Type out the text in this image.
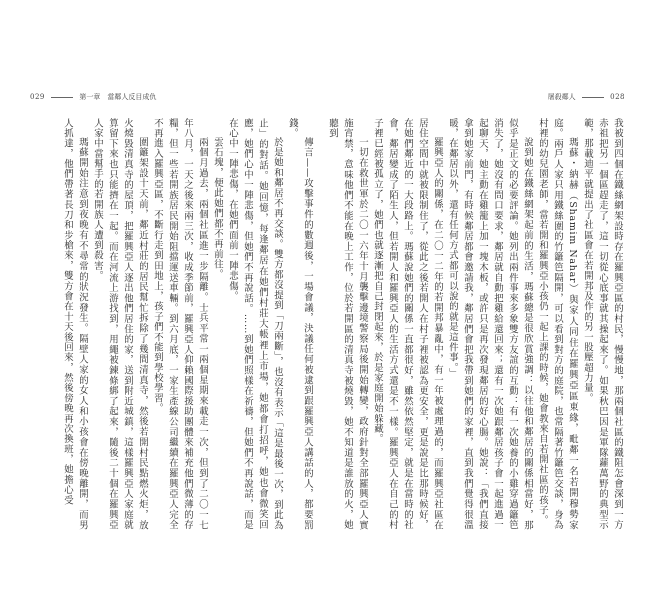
029	第一章　當鄰人反目成仇

傳言——攻擊事件的數週後，一場會議，決議任何被逮到跟羅興亞人講話的人，都要罰錢。

於是她和鄰居不再交談。雙方都沒提到「刀兩斷」，也沒有表示「這是最後一次，到此為止」的對話。她回憶，每逢鄰居在她們村莊大帳裡上市場，她都會打招呼，她也會微笑回應，她們心中一陣悲傷，但她們不再說話。……到她們照樣在祈禱，但她們不再說話，而是在心中一陣悲傷，在她們面前一陣悲傷。

雲石塊，便此她們都不再前往。

兩個月過去，兩個社區進一步隔離。士兵平常一兩個星期來載走一次，但到了二〇一七年八月，一天之後來兩三次，收成季節前，羅興亞人仰賴國際援助團體來補充他們微薄的存糧，但一些若開族居民開始阻擋運送車輛。到六月底，一家生產線公司繼續在羅興亞人完全不再進入羅興亞區，不斷行走到田地上，孩子們不能到學校學習。

圍籬架設十天前，鄰近村莊的居民幫忙拆除了幾間清真寺，然後若開村民點燃火炬，放火燒毀清真寺的屋頂，把羅興亞人逐出他們居住的家，送到附近城鎮，這樣羅興亞人家庭就算留下來也只能擠在一起。而在河流上游找到，用繩被鍊條綁了起來，隨後二十個在羅興亞人家中當幫手的若開族人遭到殺害。

瑪蘇開始注意到夜晚有不尋常的狀況發生。隔壁人家的女人和小孩會在傍晚離開，而男人抓達，他們帶著長刀和步槍來，雙方會在十天後回來，然後傍晚再次換班，她擔心受

屠殺鄰人	028

我被到四個在鐵絲網架設時存在羅興亞區的村民，慢慢地，那兩個社區的鐵阻怎會深到一方赤祖把另一個區趕走了，這一切從心底事就其操起來了。如果秋巴因是軍隊蘿萬野的典型示範，那載迪平就提出了社區會在若開邦及作的另一股壓超力量。

瑪蘇・納赫（Shamim Nahar）與家人同住在羅興亞區東緣，毗鄰一名若開穆勢家庭。兩戶人家只用鐵絲圍的竹籬笆隔開，可以看到對方的庭院，也常隔著竹籬笆交談，身為村裡的幼兒園老師，當若開和羅興亞小孩仍一起上課的時候，她會教來自若開社區的孩子。

說到她在鐵絲網架起前的生活，瑪蘇總是很欣賞強調：以往他和鄰居的關係相當好，那似乎是正文的必要評論。她列出兩件事來多象雙方友誼的互動：有一次她養的小雞穿過籬笆消失了，她沒有問口要求，鄰居就自動把雞給還回來；還有一次她跟鄰居孩子會一起進過一起聊天，她主動在雞籠上加一塊木板，或許只是再次發現鄰居的好心腸。她說：「我們直接拿到她家前門，有時候鄰居都會邀請我，鄰居們會把我帶到她們的家裡，直到我們覺得很溫暖，在鄰居以外，還有任何方式都可以說的就是這件事。」

羅興亞人的關係，在二〇一二年的若開邦暴亂中，有一年被處理過的，而羅興亞社區在居住空間中就被限制住了，從此之後若開人在村子裡被認為更安全，更是說是比那時候好，在她們鄰近的一大段路上。瑪蘇說她們的關係一直都很好，雖然依然堅定，就是在當時的社會，鄰居變成了陌生人，但若開人和羅興亞人的生活方式還是不一樣。羅興亞人在自己的村子裡已經被孤立了，她們也就逐漸把自己封閉起來，於是家庭開始躲藏。

一切在救世軍於二〇一六年十月襲擊邊境警察局後開始轉變，政府針對全部羅興亞人實施宵禁，意味他們不能在晚上工作，位於若開區的清真寺被燒毀，她不知道是誰放的火，她聽到
